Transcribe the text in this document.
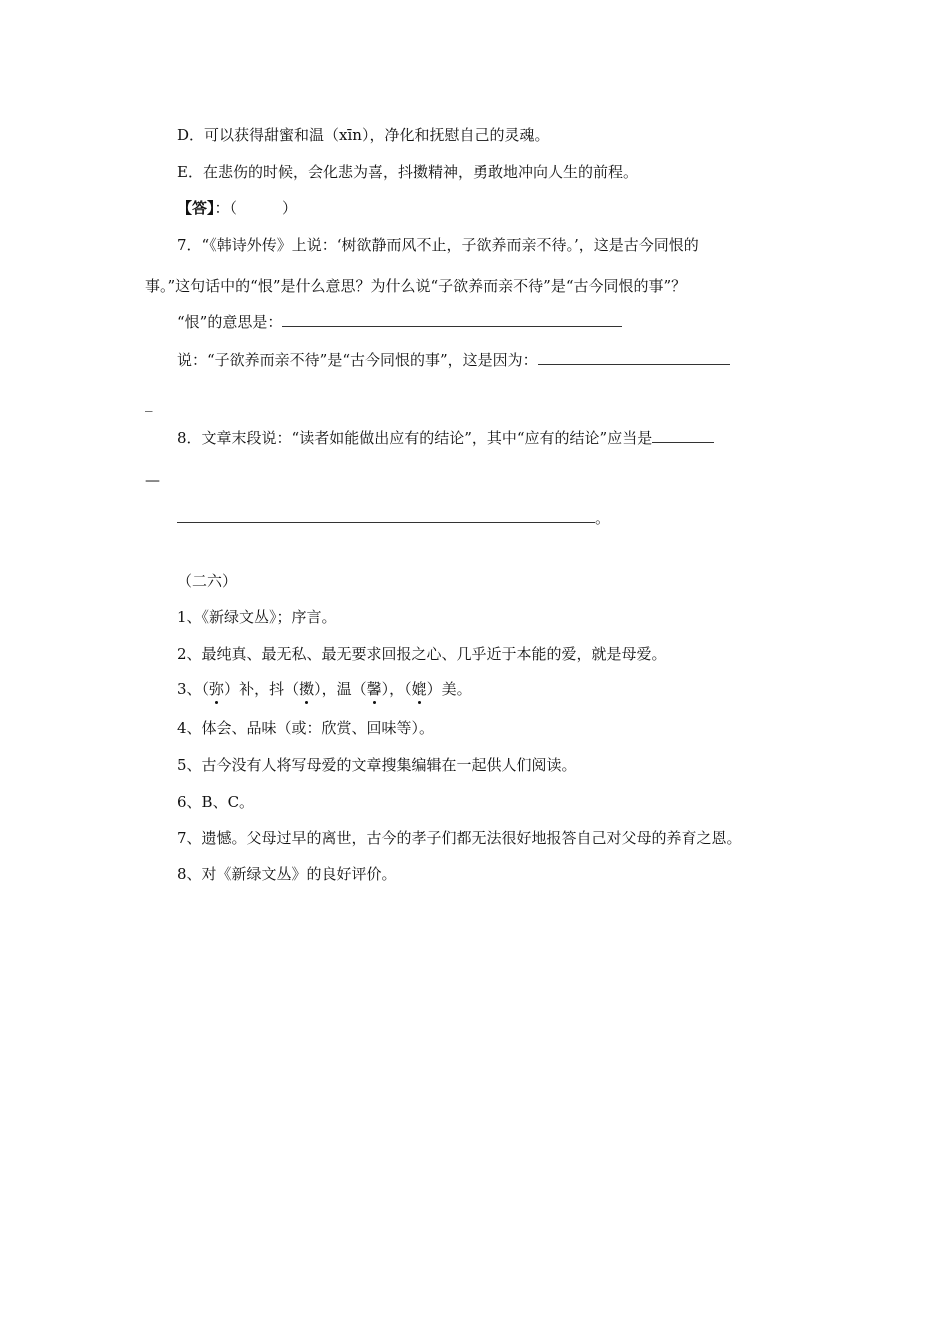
D．可以获得甜蜜和温（xīn），净化和抚慰自己的灵魂。
E．在悲伤的时候，会化悲为喜，抖擞精神，勇敢地冲向人生的前程。
【答】：（　　　）
7．“《韩诗外传》上说：‘树欲静而风不止，子欲养而亲不待。’，这是古今同恨的
事。”这句话中的“恨”是什么意思？为什么说“子欲养而亲不待”是“古今同恨的事”？
“恨”的意思是：
说：“子欲养而亲不待”是“古今同恨的事”，这是因为：
_
8．文章末段说：“读者如能做出应有的结论”，其中“应有的结论”应当是
—
。
（二六）
1、《新绿文丛》；序言。
2、最纯真、最无私、最无要求回报之心、几乎近于本能的爱，就是母爱。
3、（弥）补，抖（擞），温（馨），（媲）美。
4、体会、品味（或：欣赏、回味等）。
5、古今没有人将写母爱的文章搜集编辑在一起供人们阅读。
6、B、C。
7、遗憾。父母过早的离世，古今的孝子们都无法很好地报答自己对父母的养育之恩。
8、对《新绿文丛》的良好评价。
